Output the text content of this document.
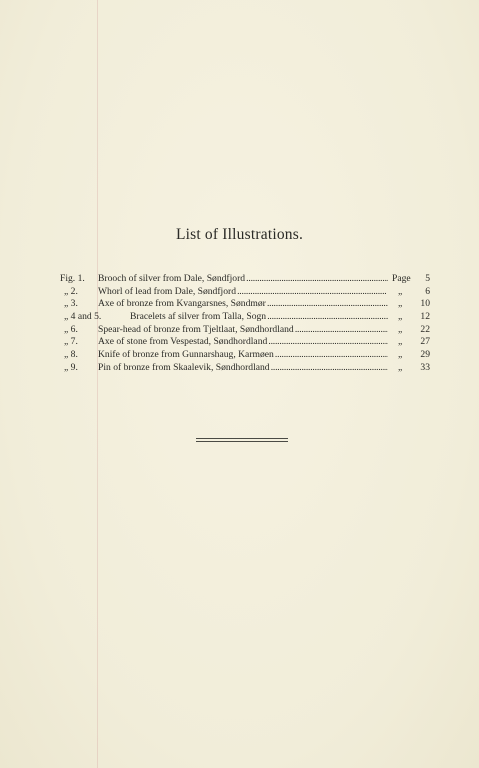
List of Illustrations.
Fig. 1. Brooch of silver from Dale, Søndfjord . . .	Page	5
„ 2. Whorl of lead from Dale, Søndfjord . . .	„	6
„ 3. Axe of bronze from Kvangarsnes, Søndmør . . .	„	10
„ 4 and 5.	Bracelets af silver from Talla, Sogn . . .	„	12
„ 6. Spear-head of bronze from Tjeltlaat, Søndhordland . . .	„	22
„ 7. Axe of stone from Vespestad, Søndhordland . . .	„	27
„ 8. Knife of bronze from Gunnarshaug, Karmøen . . .	„	29
„ 9. Pin of bronze from Skaalevik, Søndhordland . . .	„	33
